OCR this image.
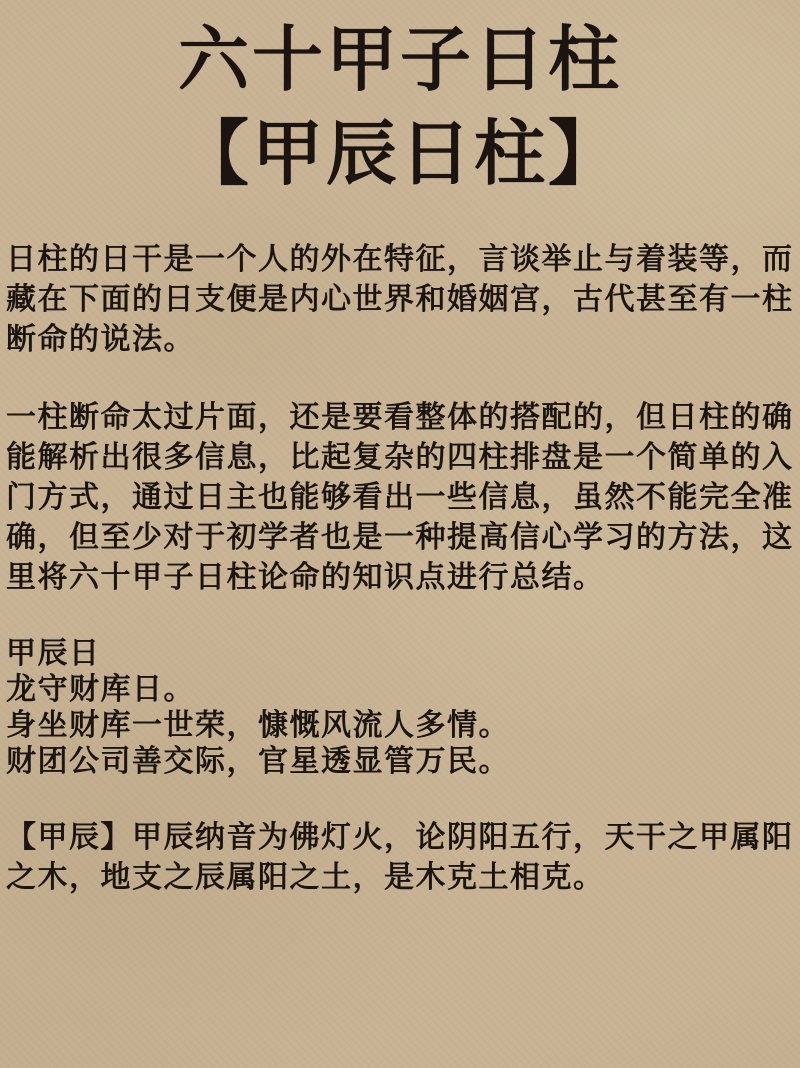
六十甲子日柱
【甲辰日柱】
日柱的日干是一个人的外在特征，言谈举止与着装等，而
藏在下面的日支便是内心世界和婚姻宫，古代甚至有一柱
断命的说法。
一柱断命太过片面，还是要看整体的搭配的，但日柱的确
能解析出很多信息，比起复杂的四柱排盘是一个简单的入
门方式，通过日主也能够看出一些信息，虽然不能完全准
确，但至少对于初学者也是一种提高信心学习的方法，这
里将六十甲子日柱论命的知识点进行总结。
甲辰日
龙守财库日。
身坐财库一世荣，慷慨风流人多情。
财团公司善交际，官星透显管万民。
【甲辰】甲辰纳音为佛灯火，论阴阳五行，天干之甲属阳
之木，地支之辰属阳之土，是木克土相克。
